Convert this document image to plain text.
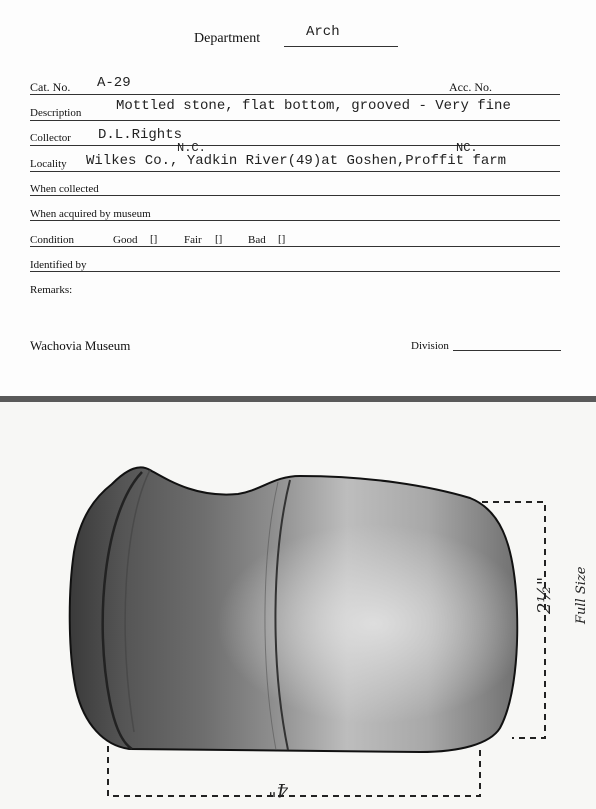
Department	Arch
Cat. No. A-29	Acc. No.
Description Mottled stone, flat bottom, grooved - Very fine
Collector D.L.Rights
N.C.	NC.
Locality Wilkes Co., Yadkin River(49)at Goshen,Proffit farm
When collected
When acquired by museum
Condition	Good [] Fair [] Bad []
Identified by
Remarks:
Wachovia Museum	Division
2½" Full Size
4"
